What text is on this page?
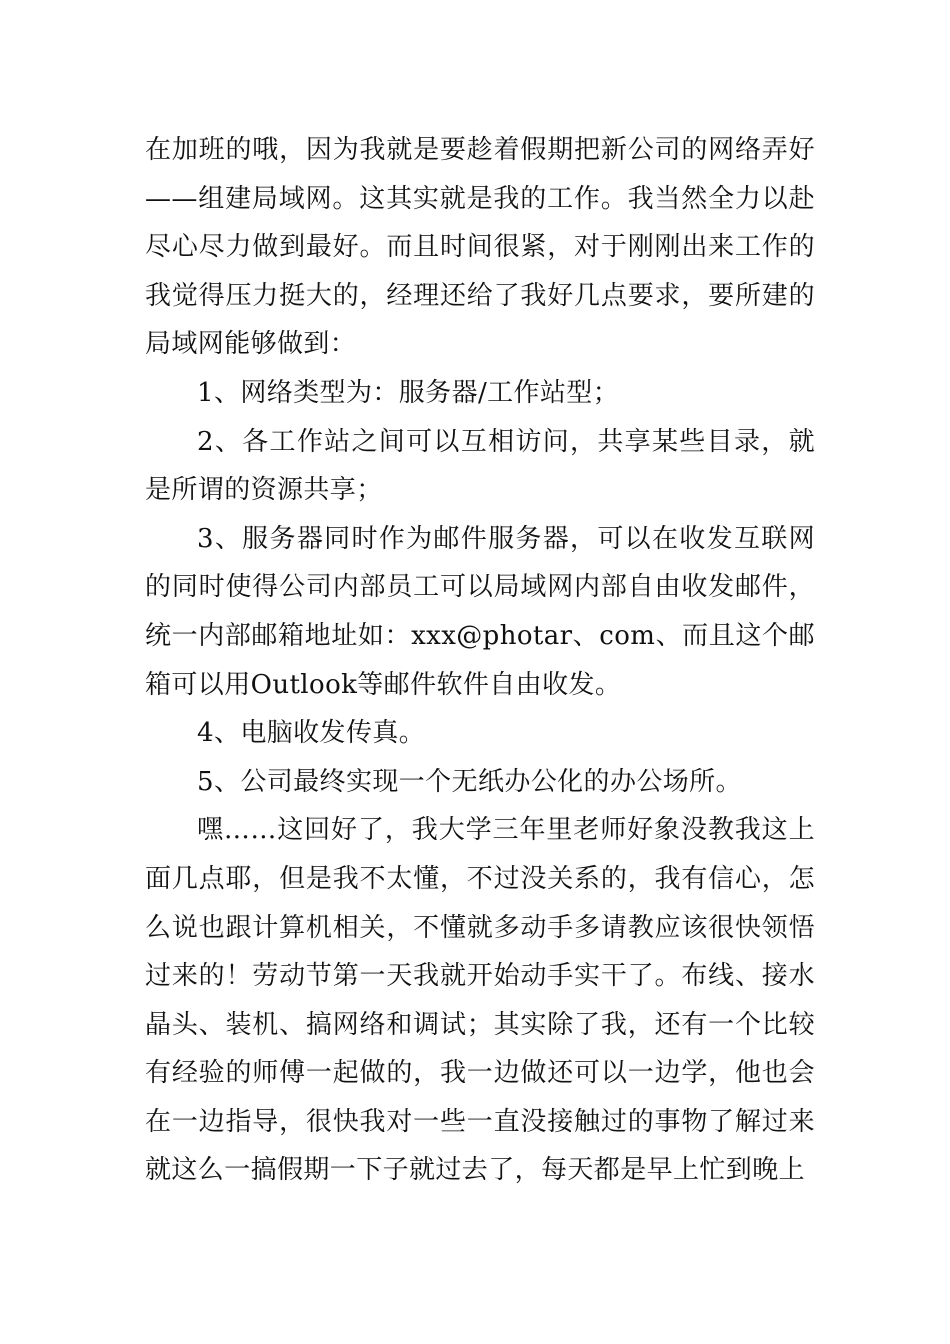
在加班的哦，因为我就是要趁着假期把新公司的网络弄好——组建局域网。这其实就是我的工作。我当然全力以赴尽心尽力做到最好。而且时间很紧，对于刚刚出来工作的我觉得压力挺大的，经理还给了我好几点要求，要所建的局域网能够做到：

1、网络类型为：服务器/工作站型；

2、各工作站之间可以互相访问，共享某些目录，就是所谓的资源共享；

3、服务器同时作为邮件服务器，可以在收发互联网的同时使得公司内部员工可以局域网内部自由收发邮件，统一内部邮箱地址如：xxx@photar、com、而且这个邮箱可以用Outlook等邮件软件自由收发。

4、电脑收发传真。

5、公司最终实现一个无纸办公化的办公场所。

嘿……这回好了，我大学三年里老师好象没教我这上面几点耶，但是我不太懂，不过没关系的，我有信心，怎么说也跟计算机相关，不懂就多动手多请教应该很快领悟过来的！劳动节第一天我就开始动手实干了。布线、接水晶头、装机、搞网络和调试；其实除了我，还有一个比较有经验的师傅一起做的，我一边做还可以一边学，他也会在一边指导，很快我对一些一直没接触过的事物了解过来就这么一搞假期一下子就过去了，每天都是早上忙到晚上
